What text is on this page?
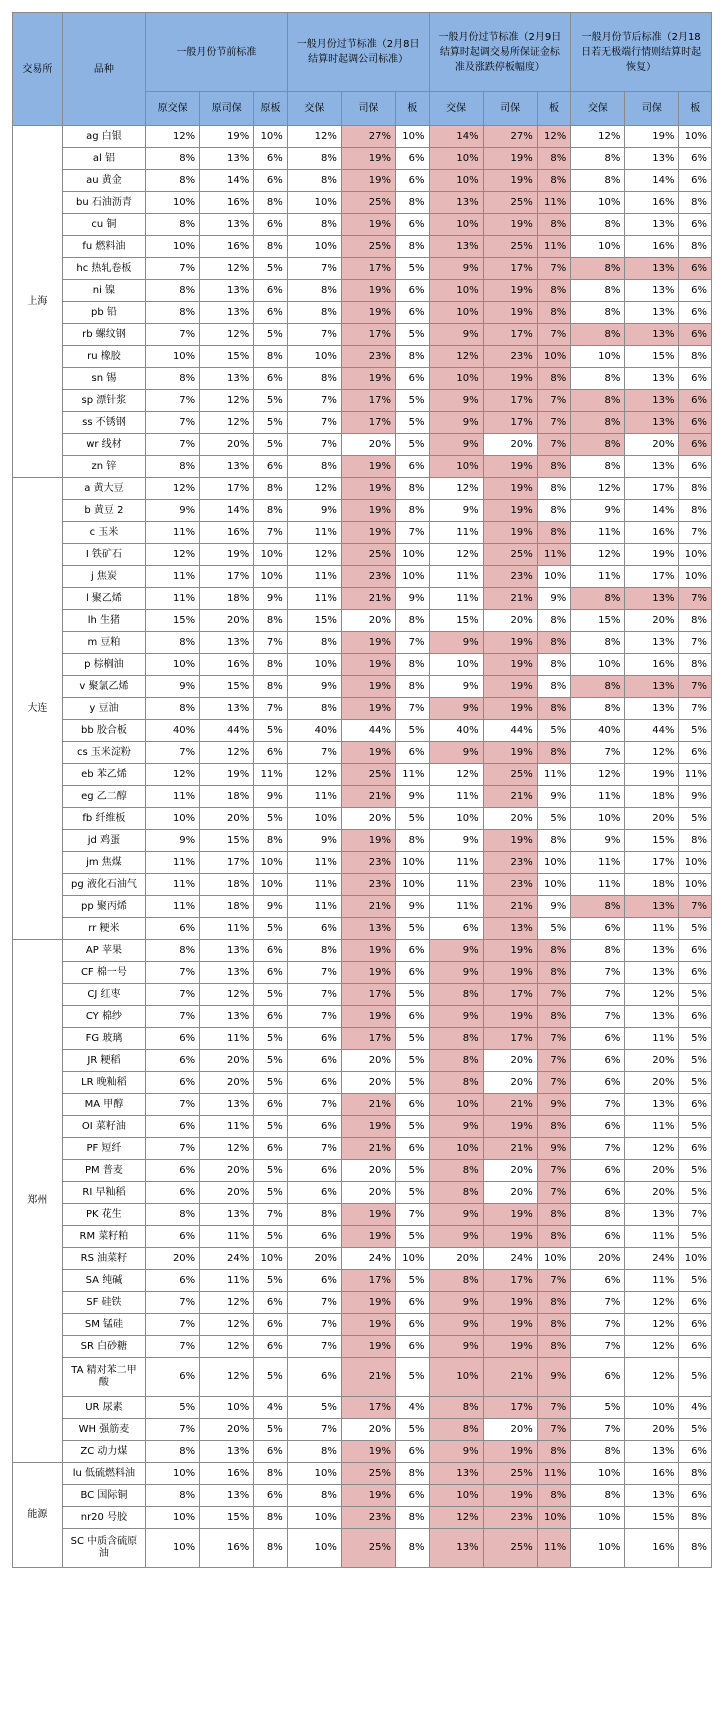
交易所	品种	一般月份节前标准			一般月份过节标准（2月8日结算时起调公司标准）			一般月份过节标准（2月9日结算时起调交易所保证金标准及涨跌停板幅度）			一般月份节后标准（2月18日若无极端行情则结算时起恢复）		
		原交保	原司保	原板	交保	司保	板	交保	司保	板	交保	司保	板
上海	ag 白银	12%	19%	10%	12%	27%	10%	14%	27%	12%	12%	19%	10%
	al 铝	8%	13%	6%	8%	19%	6%	10%	19%	8%	8%	13%	6%
	au 黄金	8%	14%	6%	8%	19%	6%	10%	19%	8%	8%	14%	6%
	bu 石油沥青	10%	16%	8%	10%	25%	8%	13%	25%	11%	10%	16%	8%
	cu 铜	8%	13%	6%	8%	19%	6%	10%	19%	8%	8%	13%	6%
	fu 燃料油	10%	16%	8%	10%	25%	8%	13%	25%	11%	10%	16%	8%
	hc 热轧卷板	7%	12%	5%	7%	17%	5%	9%	17%	7%	8%	13%	6%
	ni 镍	8%	13%	6%	8%	19%	6%	10%	19%	8%	8%	13%	6%
	pb 铅	8%	13%	6%	8%	19%	6%	10%	19%	8%	8%	13%	6%
	rb 螺纹钢	7%	12%	5%	7%	17%	5%	9%	17%	7%	8%	13%	6%
	ru 橡胶	10%	15%	8%	10%	23%	8%	12%	23%	10%	10%	15%	8%
	sn 锡	8%	13%	6%	8%	19%	6%	10%	19%	8%	8%	13%	6%
	sp 漂针浆	7%	12%	5%	7%	17%	5%	9%	17%	7%	8%	13%	6%
	ss 不锈钢	7%	12%	5%	7%	17%	5%	9%	17%	7%	8%	13%	6%
	wr 线材	7%	20%	5%	7%	20%	5%	9%	20%	7%	8%	20%	6%
	zn 锌	8%	13%	6%	8%	19%	6%	10%	19%	8%	8%	13%	6%
大连	a 黄大豆	12%	17%	8%	12%	19%	8%	12%	19%	8%	12%	17%	8%
	b 黄豆 2	9%	14%	8%	9%	19%	8%	9%	19%	8%	9%	14%	8%
	c 玉米	11%	16%	7%	11%	19%	7%	11%	19%	8%	11%	16%	7%
	I 铁矿石	12%	19%	10%	12%	25%	10%	12%	25%	11%	12%	19%	10%
	j 焦炭	11%	17%	10%	11%	23%	10%	11%	23%	10%	11%	17%	10%
	l 聚乙烯	11%	18%	9%	11%	21%	9%	11%	21%	9%	8%	13%	7%
	lh 生猪	15%	20%	8%	15%	20%	8%	15%	20%	8%	15%	20%	8%
	m 豆粕	8%	13%	7%	8%	19%	7%	9%	19%	8%	8%	13%	7%
	p 棕榈油	10%	16%	8%	10%	19%	8%	10%	19%	8%	10%	16%	8%
	v 聚氯乙烯	9%	15%	8%	9%	19%	8%	9%	19%	8%	8%	13%	7%
	y 豆油	8%	13%	7%	8%	19%	7%	9%	19%	8%	8%	13%	7%
	bb 胶合板	40%	44%	5%	40%	44%	5%	40%	44%	5%	40%	44%	5%
	cs 玉米淀粉	7%	12%	6%	7%	19%	6%	9%	19%	8%	7%	12%	6%
	eb 苯乙烯	12%	19%	11%	12%	25%	11%	12%	25%	11%	12%	19%	11%
	eg 乙二醇	11%	18%	9%	11%	21%	9%	11%	21%	9%	11%	18%	9%
	fb 纤维板	10%	20%	5%	10%	20%	5%	10%	20%	5%	10%	20%	5%
	jd 鸡蛋	9%	15%	8%	9%	19%	8%	9%	19%	8%	9%	15%	8%
	jm 焦煤	11%	17%	10%	11%	23%	10%	11%	23%	10%	11%	17%	10%
	pg 液化石油气	11%	18%	10%	11%	23%	10%	11%	23%	10%	11%	18%	10%
	pp 聚丙烯	11%	18%	9%	11%	21%	9%	11%	21%	9%	8%	13%	7%
	rr 粳米	6%	11%	5%	6%	13%	5%	6%	13%	5%	6%	11%	5%
郑州	AP 苹果	8%	13%	6%	8%	19%	6%	9%	19%	8%	8%	13%	6%
	CF 棉一号	7%	13%	6%	7%	19%	6%	9%	19%	8%	7%	13%	6%
	CJ 红枣	7%	12%	5%	7%	17%	5%	8%	17%	7%	7%	12%	5%
	CY 棉纱	7%	13%	6%	7%	19%	6%	9%	19%	8%	7%	13%	6%
	FG 玻璃	6%	11%	5%	6%	17%	5%	8%	17%	7%	6%	11%	5%
	JR 粳稻	6%	20%	5%	6%	20%	5%	8%	20%	7%	6%	20%	5%
	LR 晚籼稻	6%	20%	5%	6%	20%	5%	8%	20%	7%	6%	20%	5%
	MA 甲醇	7%	13%	6%	7%	21%	6%	10%	21%	9%	7%	13%	6%
	OI 菜籽油	6%	11%	5%	6%	19%	5%	9%	19%	8%	6%	11%	5%
	PF 短纤	7%	12%	6%	7%	21%	6%	10%	21%	9%	7%	12%	6%
	PM 普麦	6%	20%	5%	6%	20%	5%	8%	20%	7%	6%	20%	5%
	RI 早籼稻	6%	20%	5%	6%	20%	5%	8%	20%	7%	6%	20%	5%
	PK 花生	8%	13%	7%	8%	19%	7%	9%	19%	8%	8%	13%	7%
	RM 菜籽粕	6%	11%	5%	6%	19%	5%	9%	19%	8%	6%	11%	5%
	RS 油菜籽	20%	24%	10%	20%	24%	10%	20%	24%	10%	20%	24%	10%
	SA 纯碱	6%	11%	5%	6%	17%	5%	8%	17%	7%	6%	11%	5%
	SF 硅铁	7%	12%	6%	7%	19%	6%	9%	19%	8%	7%	12%	6%
	SM 锰硅	7%	12%	6%	7%	19%	6%	9%	19%	8%	7%	12%	6%
	SR 白砂糖	7%	12%	6%	7%	19%	6%	9%	19%	8%	7%	12%	6%
	TA 精对苯二甲酸	6%	12%	5%	6%	21%	5%	10%	21%	9%	6%	12%	5%
	UR 尿素	5%	10%	4%	5%	17%	4%	8%	17%	7%	5%	10%	4%
	WH 强筋麦	7%	20%	5%	7%	20%	5%	8%	20%	7%	7%	20%	5%
	ZC 动力煤	8%	13%	6%	8%	19%	6%	9%	19%	8%	8%	13%	6%
能源	lu 低硫燃料油	10%	16%	8%	10%	25%	8%	13%	25%	11%	10%	16%	8%
	BC 国际铜	8%	13%	6%	8%	19%	6%	10%	19%	8%	8%	13%	6%
	nr20 号胶	10%	15%	8%	10%	23%	8%	12%	23%	10%	10%	15%	8%
	SC 中质含硫原油	10%	16%	8%	10%	25%	8%	13%	25%	11%	10%	16%	8%
